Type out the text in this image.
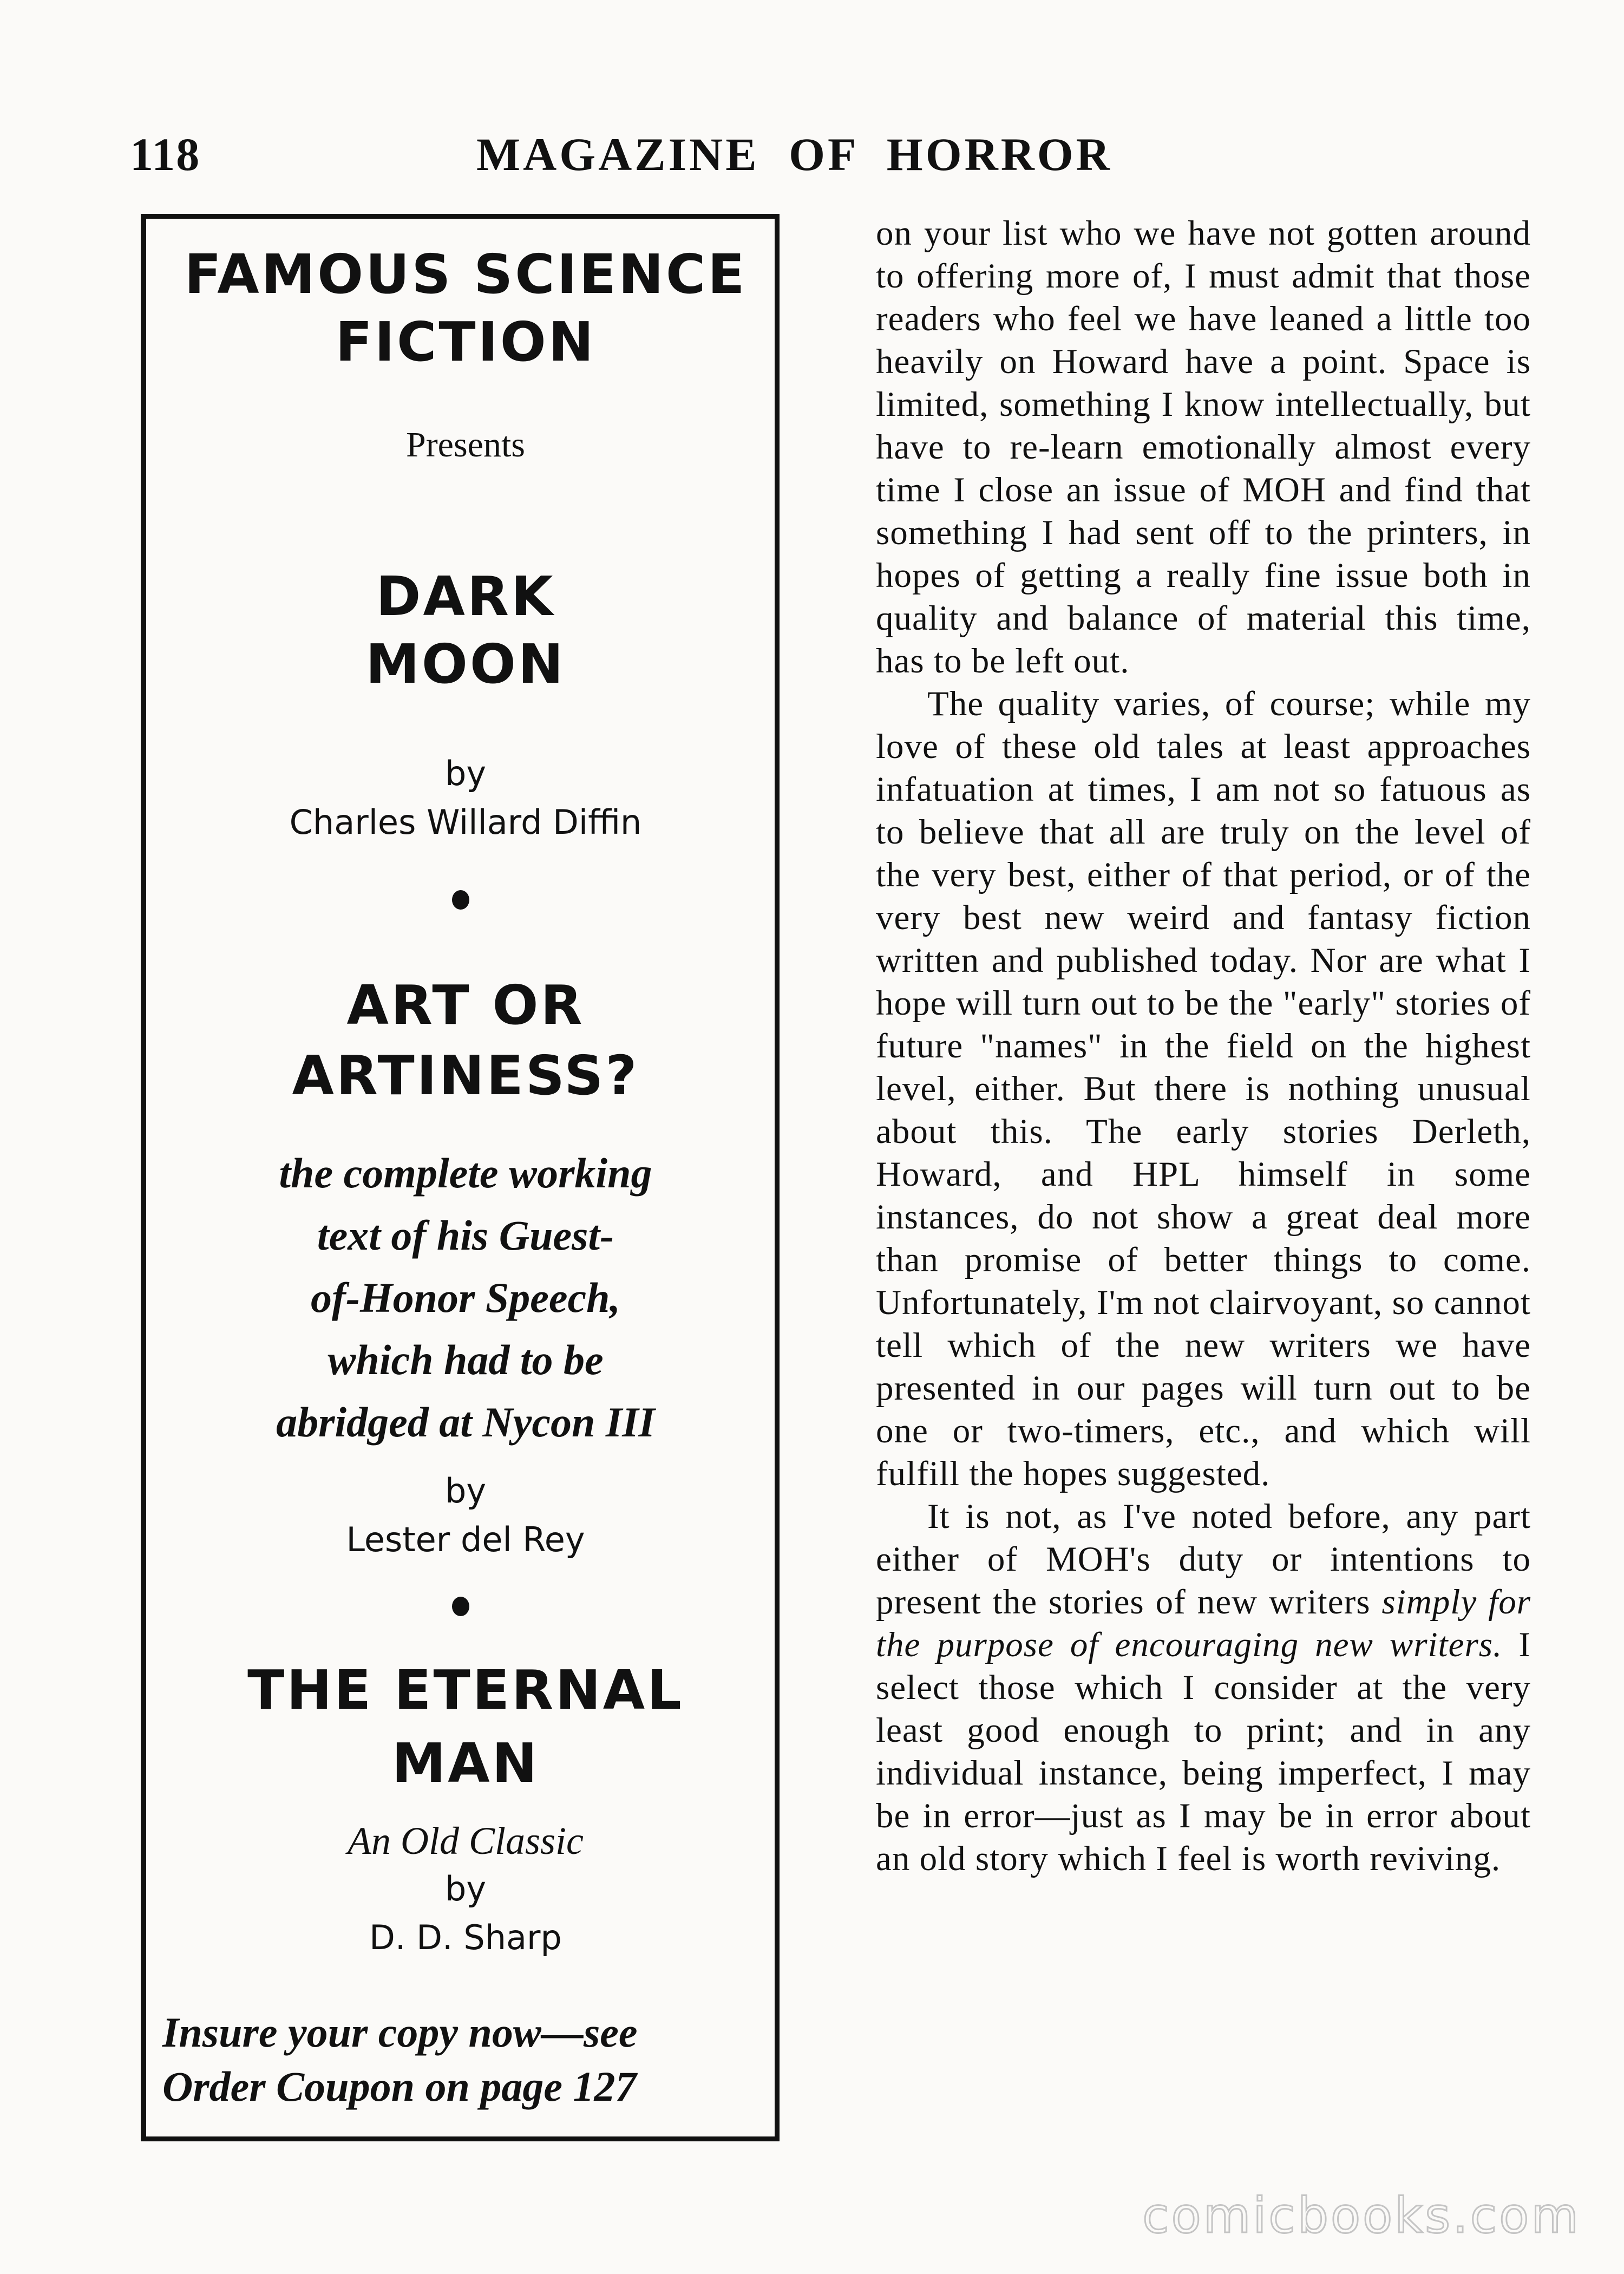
118	MAGAZINE OF HORROR
FAMOUS SCIENCE
FICTION
Presents
DARK
MOON
by
Charles Willard Diffin
ART OR
ARTINESS?
the complete working
text of his Guest-
of-Honor Speech,
which had to be
abridged at Nycon III
by
Lester del Rey
THE ETERNAL
MAN
An Old Classic
by
D. D. Sharp
Insure your copy now—see
Order Coupon on page 127

on your list who we have not gotten around to offering more of, I must admit that those readers who feel we have leaned a little too heavily on Howard have a point. Space is limited, something I know intellectually, but have to re-learn emotionally almost every time I close an issue of MOH and find that something I had sent off to the printers, in hopes of getting a really fine issue both in quality and balance of material this time, has to be left out.

The quality varies, of course; while my love of these old tales at least approaches infatuation at times, I am not so fatuous as to believe that all are truly on the level of the very best, either of that period, or of the very best new weird and fantasy fiction written and published today. Nor are what I hope will turn out to be the "early" stories of future "names" in the field on the highest level, either. But there is nothing unusual about this. The early stories Derleth, Howard, and HPL himself in some instances, do not show a great deal more than promise of better things to come. Unfortunately, I'm not clairvoyant, so cannot tell which of the new writers we have presented in our pages will turn out to be one or two-timers, etc., and which will fulfill the hopes suggested.

It is not, as I've noted before, any part either of MOH's duty or intentions to present the stories of new writers simply for the purpose of encouraging new writers. I select those which I consider at the very least good enough to print; and in any individual instance, being imperfect, I may be in error—just as I may be in error about an old story which I feel is worth reviving.

comicbooks.com
